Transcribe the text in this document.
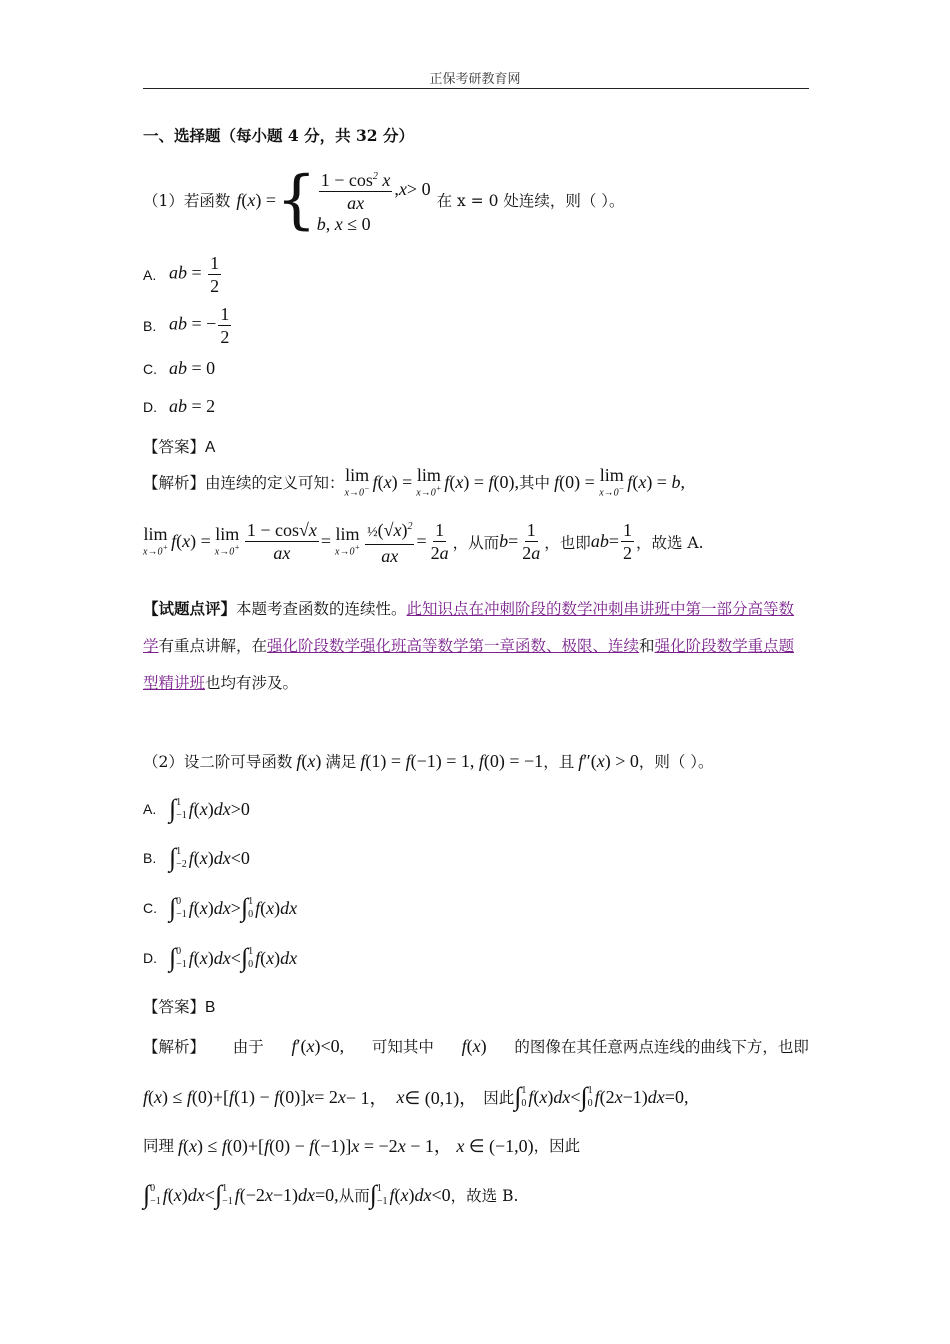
正保考研教育网
一、选择题（每小题 4 分，共 32 分）
（1）若函数 f(x) = { $\frac{1 - \cos^2 x}{ax}$ , x > 0
b, x ≤ 0
在 x = 0 处连续，则（ ）。
A. ab = $\frac{1}{2}$
B. ab = − $\frac{1}{2}$
C. ab = 0
D. ab = 2
【答案】A
【解析】 由连续的定义可知： lim
x→0− f ( x ) = lim
x→0+ f ( x ) = f (0), 其中 f (0) =
lim
x→0− f ( x ) = b ,
lim
x→0+ f ( x ) = lim
$x\to 0^+ \frac{1 - \cos√x}{ax} = \lim$
$x\to 0^+ \frac{\frac{1}{2}(√x)^2}{ax} = \frac{1}{2a}$ ，从而 $b = \frac{1}{2a}$ ，也即 ab = $\frac{1}{2}$ ，故选 A.
【试题点评】本题考查函数的连续性。此知识点在冲刺阶段的数学冲刺串讲班中第一部分高等数学有重点讲解，在强化阶段数学强化班高等数学第一章函数、极限、连续和强化阶段数学重点题型精讲班也均有涉及。
（2）设二阶可导函数 f(x) 满足 f(1) = f(−1) = 1, f(0) = −1 ，且 f″(x) > 0 ，则（ ）。
A. ∫ 1
−1 f ( x ) dx >0
B. ∫ 1
−2 f ( x ) dx <0
C. ∫ 0
−1 f ( x ) dx > ∫ 1
0 f ( x ) dx
D. ∫ 0
−1 f ( x ) dx < ∫ 1
0 f ( x ) dx
【答案】B
【解析】 由于 f′(x)<0, 可知其中 f(x) 的图像在其任意两点连线的曲线下方，也即
f ( x ) ≤ f (0)+[ f (1) − f (0)] x = 2 x − 1， x ∈ (0,1)， 因此 ∫ 1
0 f ( x ) dx < ∫ 1
0 f (2 x −1) dx =0,
同理 f(x) ≤ f(0)+[f(0) − f(−1)]x = −2x − 1， x ∈ (−1,0) ，因此
∫ 0
−1 f ( x ) dx < ∫ 1
−1 f (−2 x −1) dx =0, 从而 ∫ 1
−1 f ( x ) dx <0 ，故选 B.
